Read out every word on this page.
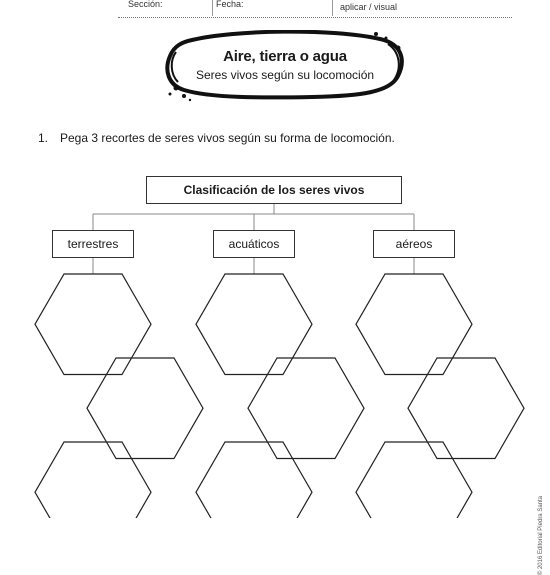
Sección:	Fecha:	aplicar / visual
Aire, tierra o agua
Seres vivos según su locomoción
1. Pega 3 recortes de seres vivos según su forma de locomoción.
Clasificación de los seres vivos
terrestres	acuáticos	aéreos
© 2016 Editorial Piedra Santa
